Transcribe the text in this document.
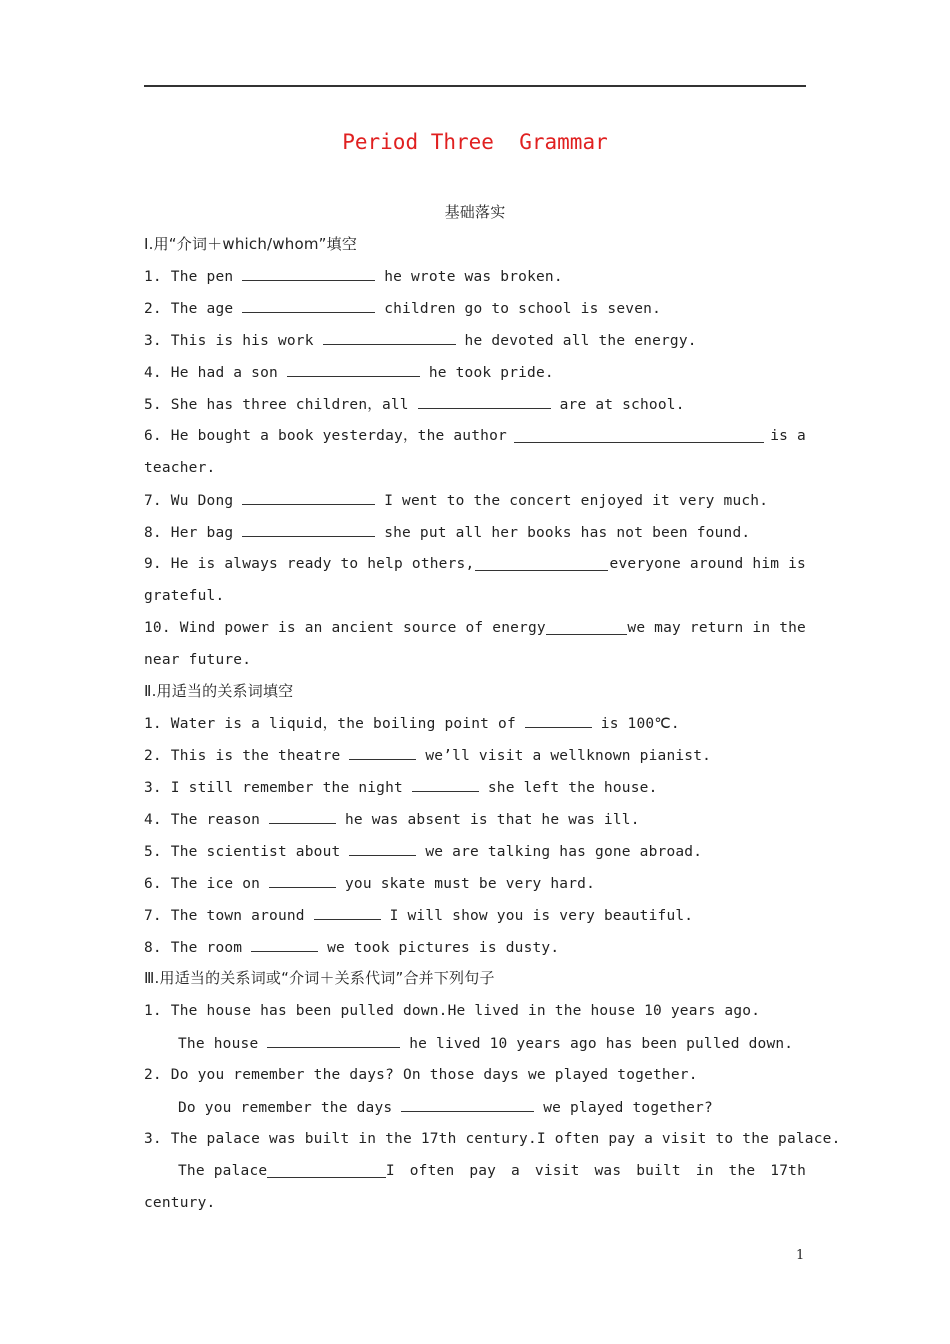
Period Three  Grammar
基础落实
Ⅰ.用“介词＋which/whom”填空
1. The pen	he wrote was broken.
2. The age	children go to school is seven.
3. This is his work	he devoted all the energy.
4. He had a son	he took pride.
5. She has three children，all	are at school.
6. He bought a book yesterday，the author	is a
teacher.
7. Wu Dong	I went to the concert enjoyed it very much.
8. Her bag	she put all her books has not been found.
9. He is always ready to help others,	everyone around him is
grateful.
10. Wind power is an ancient source of energy	we may return in the
near future.
Ⅱ.用适当的关系词填空
1. Water is a liquid，the boiling point of	is 100℃.
2. This is the theatre	we’ll visit a wellknown pianist.
3. I still remember the night	she left the house.
4. The reason	he was absent is that he was ill.
5. The scientist about	we are talking has gone abroad.
6. The ice on	you skate must be very hard.
7. The town around	I will show you is very beautiful.
8. The room	we took pictures is dusty.
Ⅲ.用适当的关系词或“介词＋关系代词”合并下列句子
1. The house has been pulled down.He lived in the house 10 years ago.
The house	he lived 10 years ago has been pulled down.
2. Do you remember the days? On those days we played together.
Do you remember the days	we played together?
3. The palace was built in the 17th century.I often pay a visit to the palace.
The palace	I often pay a visit was built in the 17th
century.
1
